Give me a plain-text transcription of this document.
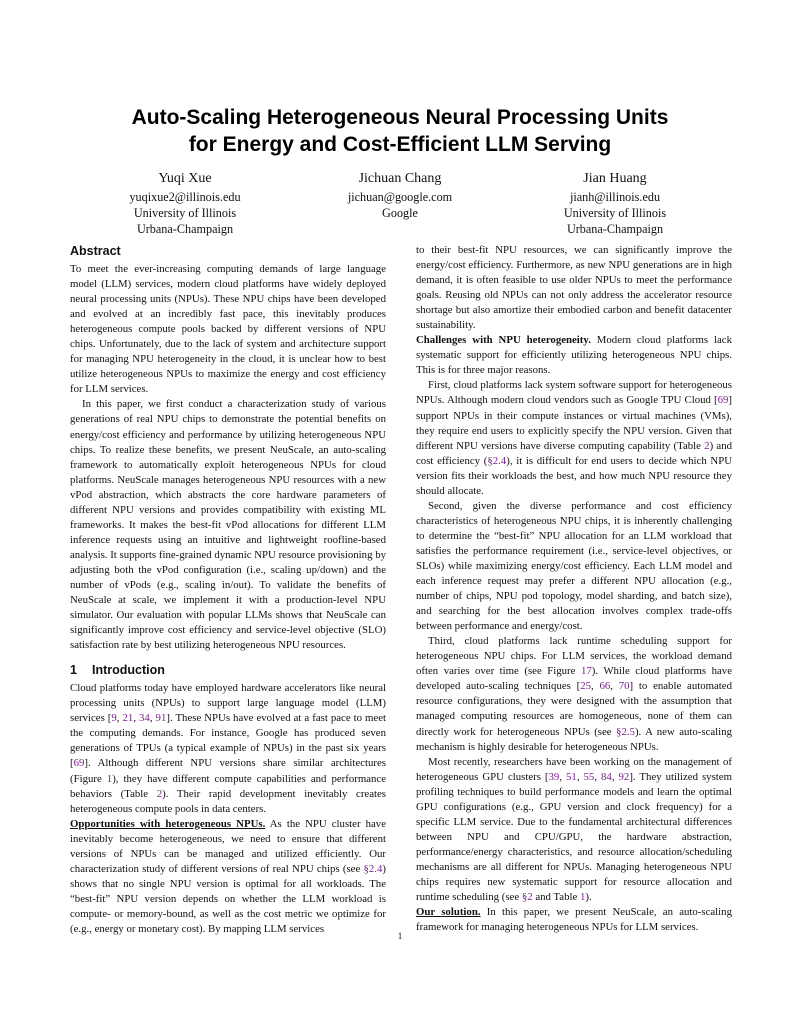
Auto-Scaling Heterogeneous Neural Processing Units
for Energy and Cost-Efficient LLM Serving
Yuqi Xue
yuqixue2@illinois.edu
University of Illinois
Urbana-Champaign
Jichuan Chang
jichuan@google.com
Google
Jian Huang
jianh@illinois.edu
University of Illinois
Urbana-Champaign
Abstract

To meet the ever-increasing computing demands of large language model (LLM) services, modern cloud platforms have widely deployed neural processing units (NPUs). These NPU chips have been developed and evolved at an incredibly fast pace, this inevitably produces heterogeneous compute pools backed by different versions of NPU chips. Unfortunately, due to the lack of system and architecture support for managing NPU heterogeneity in the cloud, it is unclear how to best utilize heterogeneous NPUs to maximize the energy and cost efficiency for LLM services.

In this paper, we first conduct a characterization study of various generations of real NPU chips to demonstrate the potential benefits on energy/cost efficiency and performance by utilizing heterogeneous NPU chips. To realize these benefits, we present NeuScale, an auto-scaling framework to automatically exploit heterogeneous NPUs for cloud platforms. NeuScale manages heterogeneous NPU resources with a new vPod abstraction, which abstracts the core hardware parameters of different NPU versions and provides compatibility with existing ML frameworks. It makes the best-fit vPod allocations for different LLM inference requests using an intuitive and lightweight roofline-based analysis. It supports fine-grained dynamic NPU resource provisioning by adjusting both the vPod configuration (i.e., scaling up/down) and the number of vPods (e.g., scaling in/out). To validate the benefits of NeuScale at scale, we implement it with a production-level NPU simulator. Our evaluation with popular LLMs shows that NeuScale can significantly improve cost efficiency and service-level objective (SLO) satisfaction rate by best utilizing heterogeneous NPU resources.

1 Introduction

Cloud platforms today have employed hardware accelerators like neural processing units (NPUs) to support large language model (LLM) services [9, 21, 34, 91]. These NPUs have evolved at a fast pace to meet the computing demands. For instance, Google has produced seven generations of TPUs (a typical example of NPUs) in the past six years [69]. Although different NPU versions share similar architectures (Figure 1), they have different compute capabilities and performance behaviors (Table 2). Their rapid development inevitably creates heterogeneous compute pools in data centers.

Opportunities with heterogeneous NPUs. As the NPU cluster have inevitably become heterogeneous, we need to ensure that different versions of NPUs can be managed and utilized efficiently. Our characterization study of different versions of real NPU chips (see §2.4) shows that no single NPU version is optimal for all workloads. The “best-fit” NPU version depends on whether the LLM workload is compute- or memory-bound, as well as the cost metric we optimize for (e.g., energy or monetary cost). By mapping LLM services

to their best-fit NPU resources, we can significantly improve the energy/cost efficiency. Furthermore, as new NPU generations are in high demand, it is often feasible to use older NPUs to meet the performance goals. Reusing old NPUs can not only address the accelerator resource shortage but also amortize their embodied carbon and benefit datacenter sustainability.

Challenges with NPU heterogeneity. Modern cloud platforms lack systematic support for efficiently utilizing heterogeneous NPU chips. This is for three major reasons.

First, cloud platforms lack system software support for heterogeneous NPUs. Although modern cloud vendors such as Google TPU Cloud [69] support NPUs in their compute instances or virtual machines (VMs), they require end users to explicitly specify the NPU version. Given that different NPU versions have diverse computing capability (Table 2) and cost efficiency (§2.4), it is difficult for end users to decide which NPU version fits their workloads the best, and how much NPU resource they should allocate.

Second, given the diverse performance and cost efficiency characteristics of heterogeneous NPU chips, it is inherently challenging to determine the “best-fit” NPU allocation for an LLM workload that satisfies the performance requirement (i.e., service-level objectives, or SLOs) while maximizing energy/cost efficiency. Each LLM model and each inference request may prefer a different NPU allocation (e.g., number of chips, NPU pod topology, model sharding, and batch size), and searching for the best allocation involves complex trade-offs between performance and energy/cost.

Third, cloud platforms lack runtime scheduling support for heterogeneous NPU chips. For LLM services, the workload demand often varies over time (see Figure 17). While cloud platforms have developed auto-scaling techniques [25, 66, 70] to enable automated resource configurations, they were designed with the assumption that managed computing resources are homogeneous, none of them can directly work for heterogeneous NPUs (see §2.5). A new auto-scaling mechanism is highly desirable for heterogeneous NPUs.

Most recently, researchers have been working on the management of heterogeneous GPU clusters [39, 51, 55, 84, 92]. They utilized system profiling techniques to build performance models and learn the optimal GPU configurations (e.g., GPU version and clock frequency) for a specific LLM service. Due to the fundamental architectural differences between NPU and CPU/GPU, the hardware abstraction, performance/energy characteristics, and resource allocation/scheduling mechanisms are all different for NPUs. Managing heterogeneous NPU chips requires new systematic support for resource allocation and runtime scheduling (see §2 and Table 1).

Our solution. In this paper, we present NeuScale, an auto-scaling framework for managing heterogeneous NPUs for LLM services.

1
